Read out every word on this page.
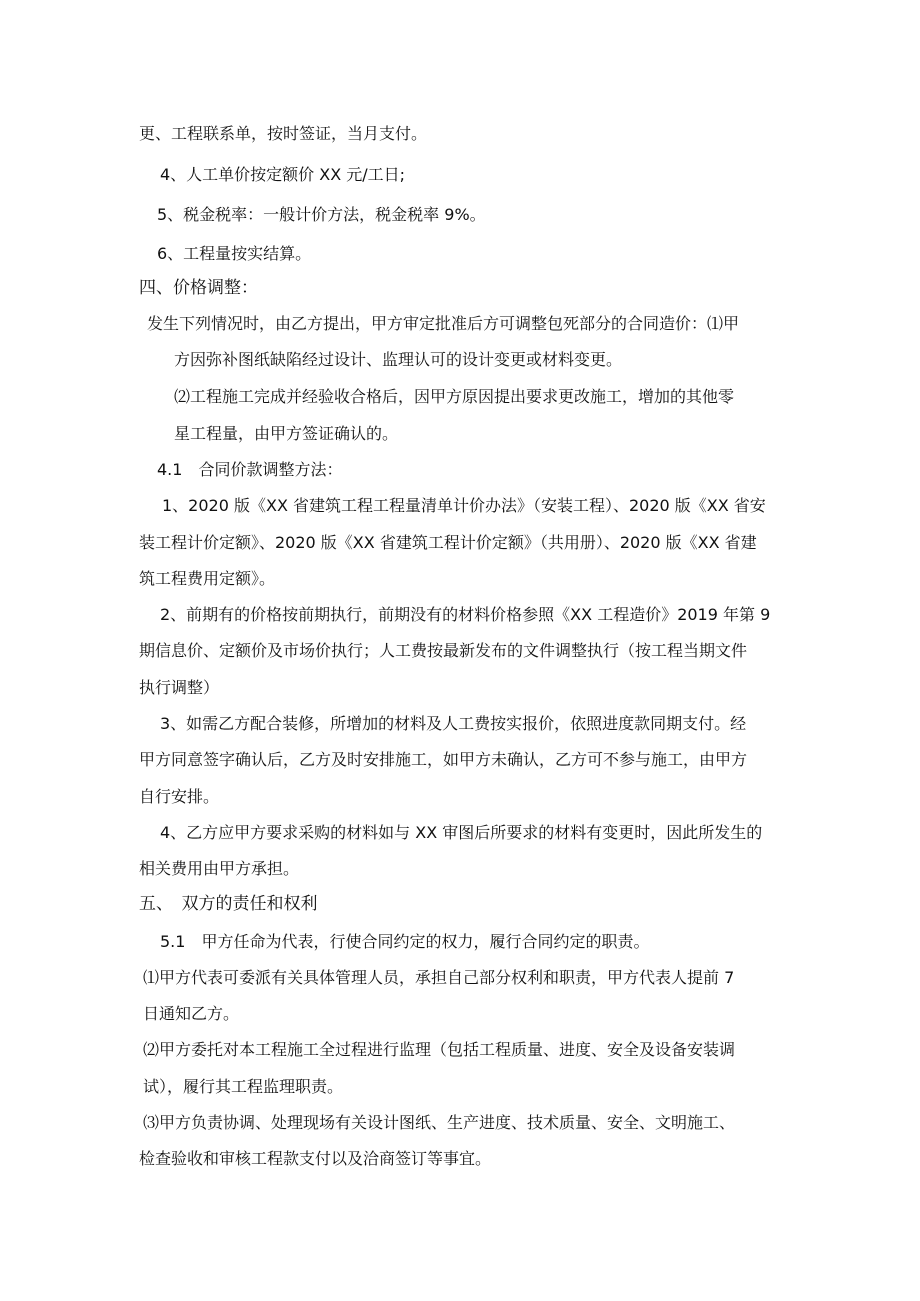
更、工程联系单，按时签证，当月支付。

4、人工单价按定额价 XX 元/工日;

5、税金税率：一般计价方法，税金税率 9%。

6、工程量按实结算。

四、价格调整：

发生下列情况时，由乙方提出，甲方审定批准后方可调整包死部分的合同造价：⑴甲

方因弥补图纸缺陷经过设计、监理认可的设计变更或材料变更。

⑵工程施工完成并经验收合格后，因甲方原因提出要求更改施工，增加的其他零

星工程量，由甲方签证确认的。

4.1　合同价款调整方法：

1、2020 版《XX 省建筑工程工程量清单计价办法》（安装工程）、2020 版《XX 省安

装工程计价定额》、2020 版《XX 省建筑工程计价定额》（共用册）、2020 版《XX 省建

筑工程费用定额》。

2、前期有的价格按前期执行，前期没有的材料价格参照《XX 工程造价》2019 年第 9

期信息价、定额价及市场价执行；人工费按最新发布的文件调整执行（按工程当期文件

执行调整）

3、如需乙方配合装修，所增加的材料及人工费按实报价，依照进度款同期支付。经

甲方同意签字确认后，乙方及时安排施工，如甲方未确认，乙方可不参与施工，由甲方

自行安排。

4、乙方应甲方要求采购的材料如与 XX 审图后所要求的材料有变更时，因此所发生的

相关费用由甲方承担。

五、　双方的责任和权利

5.1　甲方任命为代表，行使合同约定的权力，履行合同约定的职责。

⑴甲方代表可委派有关具体管理人员，承担自己部分权利和职责，甲方代表人提前 7

日通知乙方。

⑵甲方委托对本工程施工全过程进行监理（包括工程质量、进度、安全及设备安装调

试），履行其工程监理职责。

⑶甲方负责协调、处理现场有关设计图纸、生产进度、技术质量、安全、文明施工、

检查验收和审核工程款支付以及洽商签订等事宜。
